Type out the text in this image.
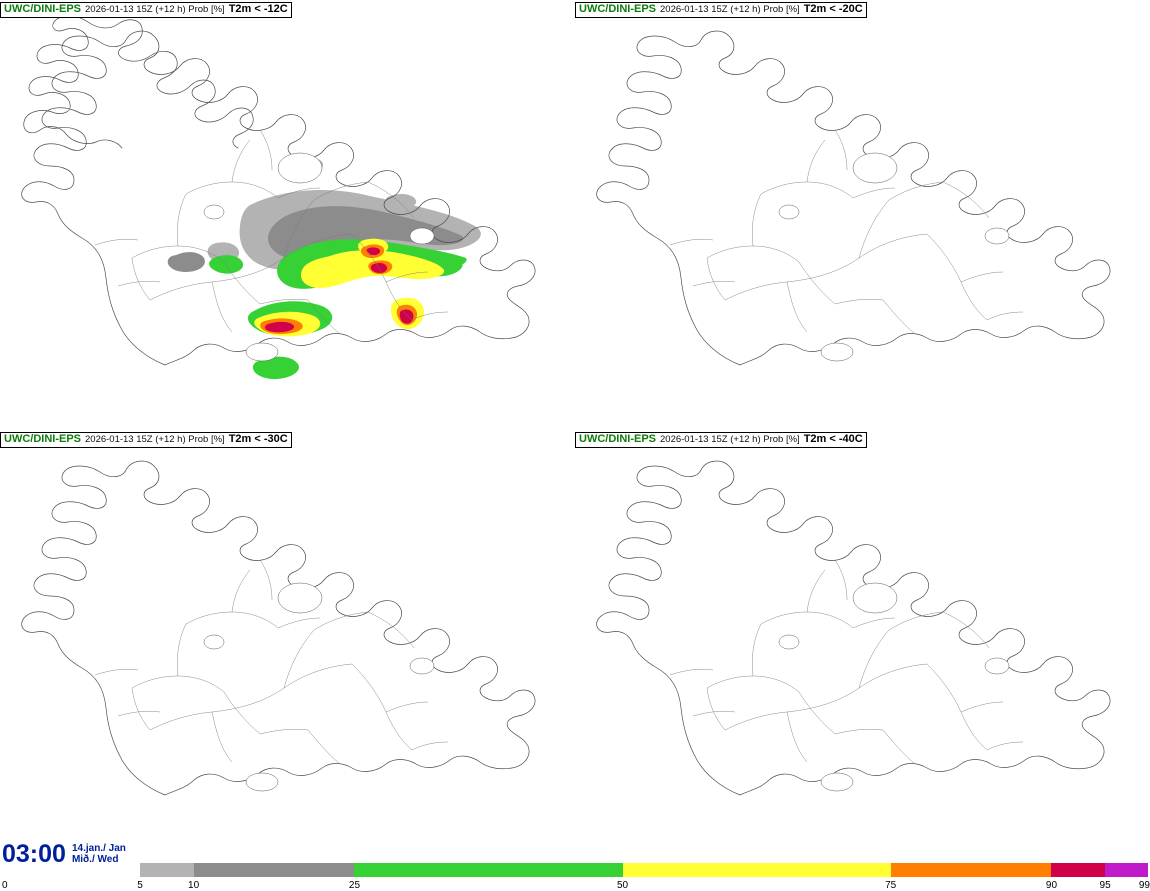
UWC/DINI-EPS 2026-01-13 15Z (+12 h) Prob [%] T2m < -12C	UWC/DINI-EPS 2026-01-13 15Z (+12 h) Prob [%] T2m < -20C
UWC/DINI-EPS 2026-01-13 15Z (+12 h) Prob [%] T2m < -30C	UWC/DINI-EPS 2026-01-13 15Z (+12 h) Prob [%] T2m < -40C
03:00 14.jan./ Jan
Mið./ Wed
0	5	10	25	50	75	90	95	99
